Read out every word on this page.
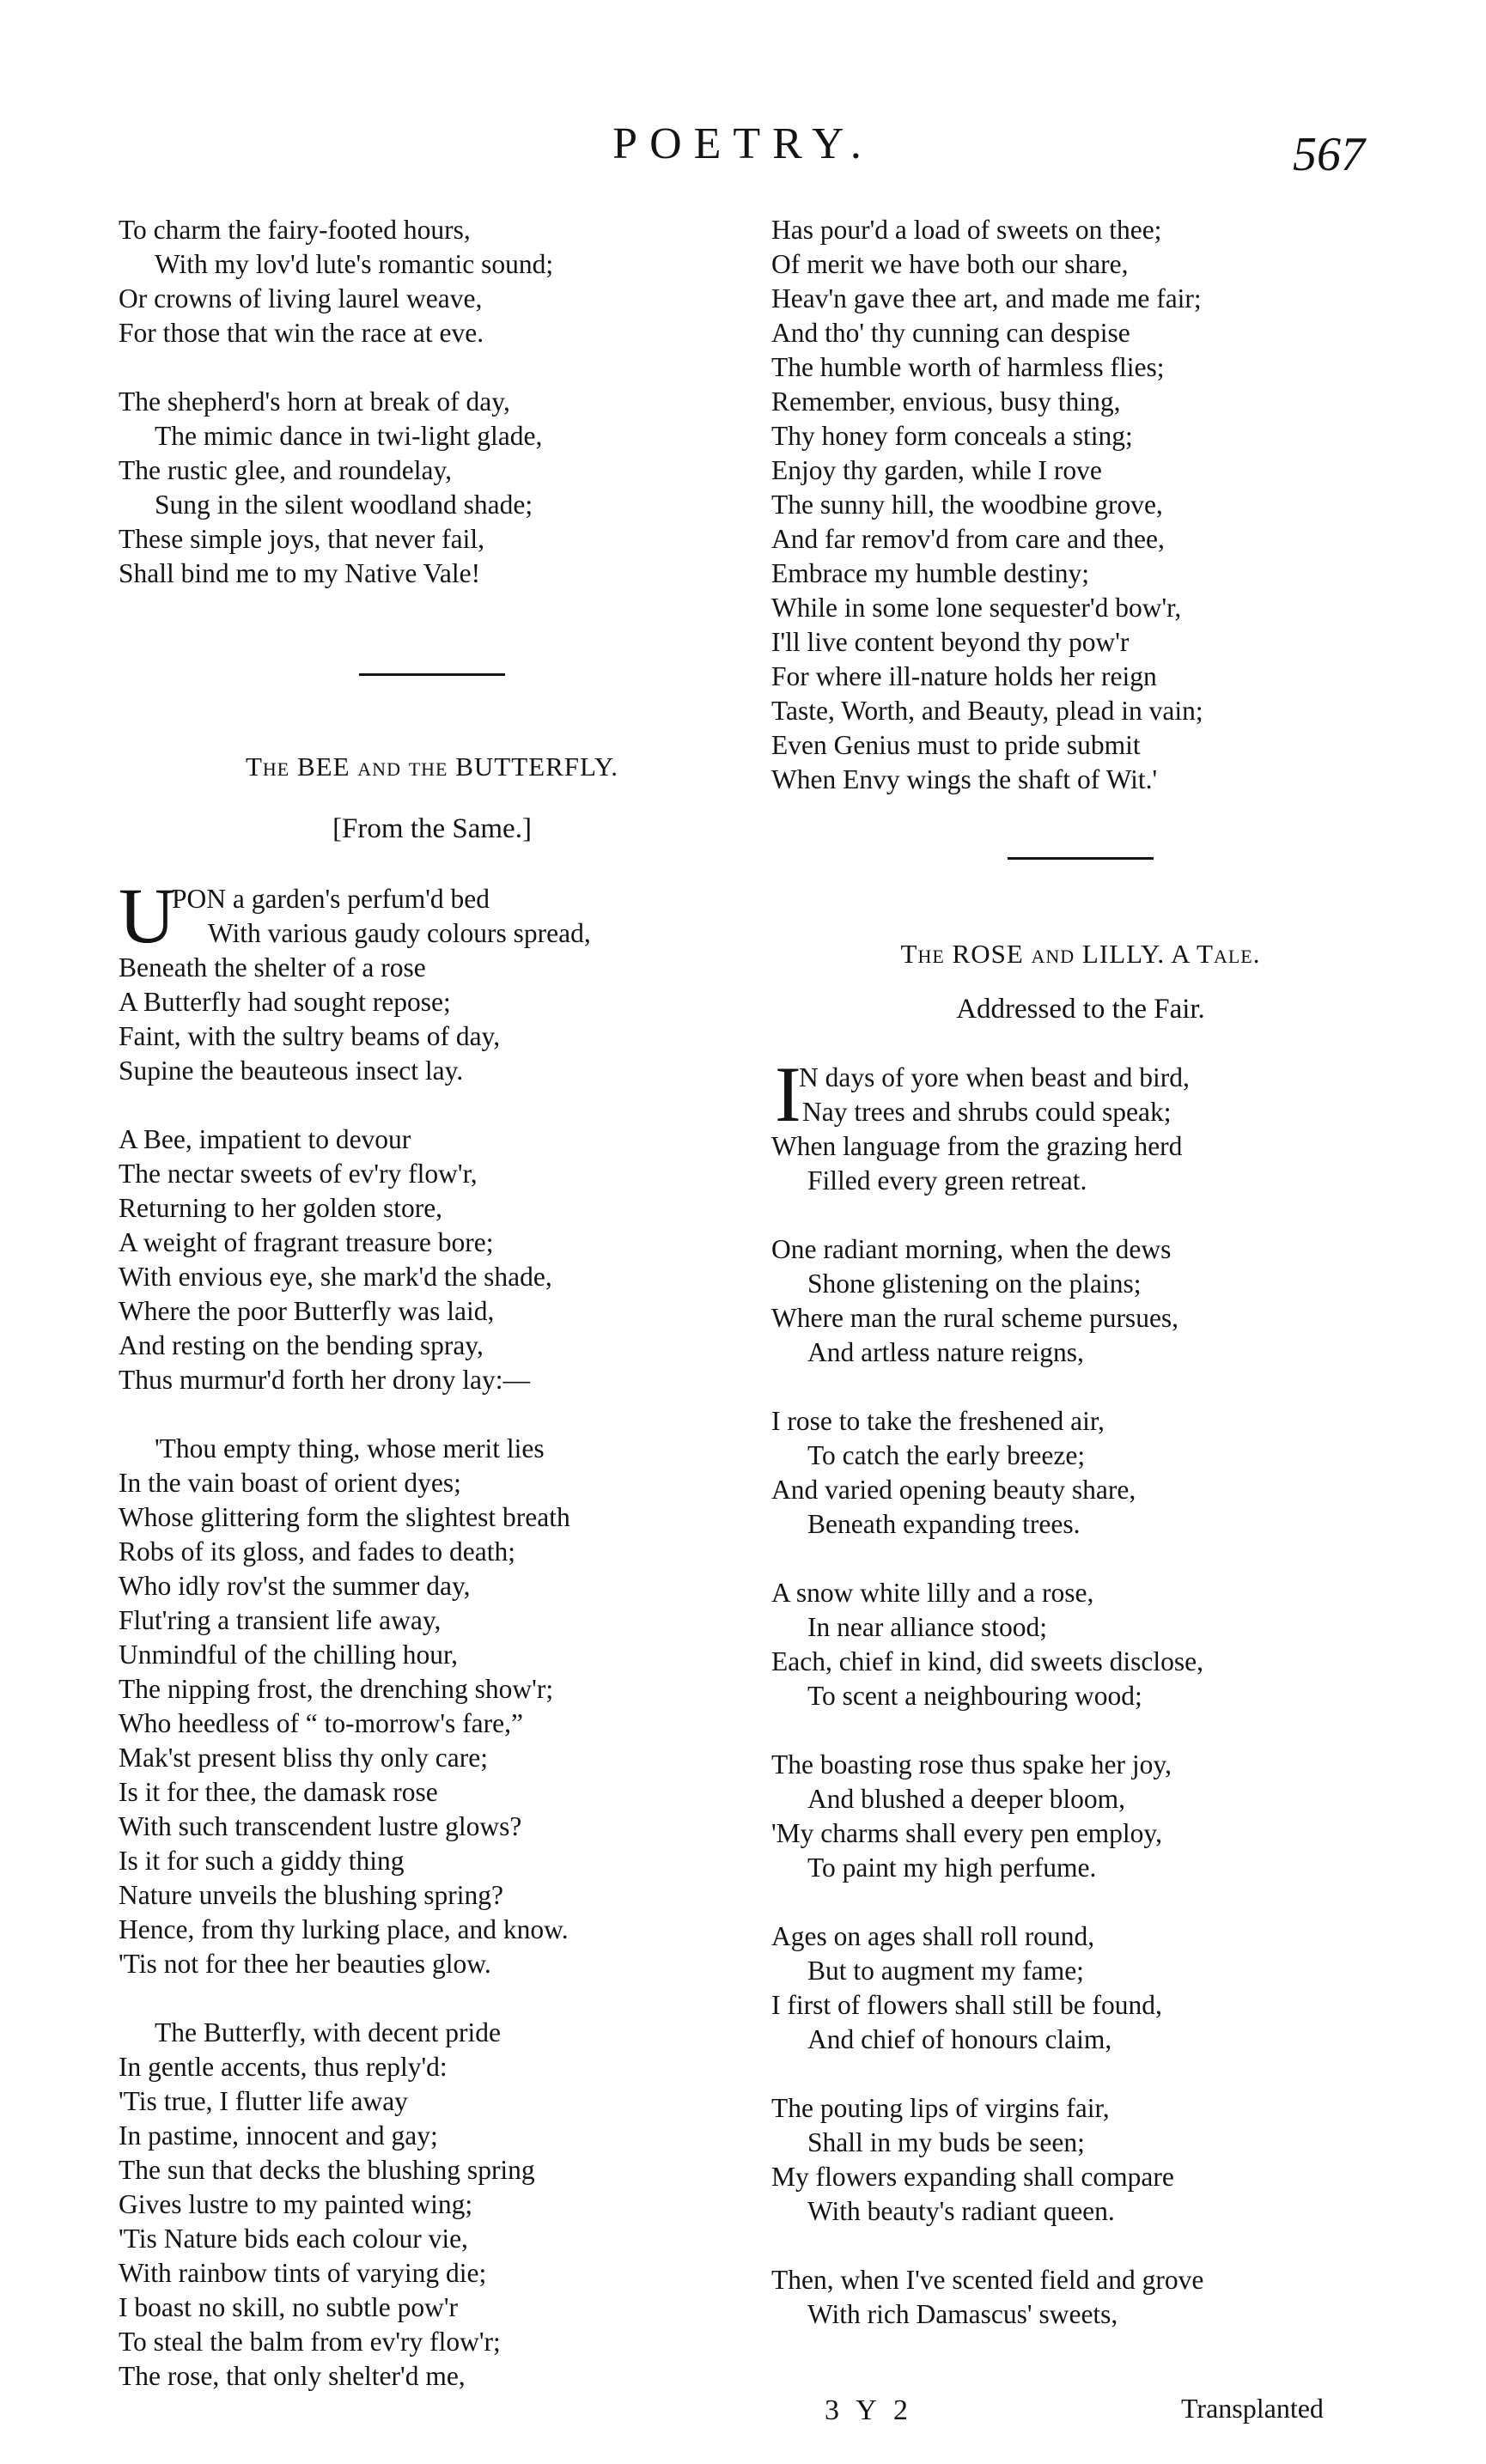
POETRY.	567
To charm the fairy-footed hours,
With my lov'd lute's romantic sound;
Or crowns of living laurel weave,
For those that win the race at eve.
The shepherd's horn at break of day,
The mimic dance in twi-light glade,
The rustic glee, and roundelay,
Sung in the silent woodland shade;
These simple joys, that never fail,
Shall bind me to my Native Vale!
The BEE and the BUTTERFLY.
[From the Same.]
U
PON a garden's perfum'd bed
With various gaudy colours spread,
Beneath the shelter of a rose
A Butterfly had sought repose;
Faint, with the sultry beams of day,
Supine the beauteous insect lay.
A Bee, impatient to devour
The nectar sweets of ev'ry flow'r,
Returning to her golden store,
A weight of fragrant treasure bore;
With envious eye, she mark'd the shade,
Where the poor Butterfly was laid,
And resting on the bending spray,
Thus murmur'd forth her drony lay:—
'Thou empty thing, whose merit lies
In the vain boast of orient dyes;
Whose glittering form the slightest breath
Robs of its gloss, and fades to death;
Who idly rov'st the summer day,
Flut'ring a transient life away,
Unmindful of the chilling hour,
The nipping frost, the drenching show'r;
Who heedless of “ to-morrow's fare,”
Mak'st present bliss thy only care;
Is it for thee, the damask rose
With such transcendent lustre glows?
Is it for such a giddy thing
Nature unveils the blushing spring?
Hence, from thy lurking place, and know.
'Tis not for thee her beauties glow.
The Butterfly, with decent pride
In gentle accents, thus reply'd:
'Tis true, I flutter life away
In pastime, innocent and gay;
The sun that decks the blushing spring
Gives lustre to my painted wing;
'Tis Nature bids each colour vie,
With rainbow tints of varying die;
I boast no skill, no subtle pow'r
To steal the balm from ev'ry flow'r;
The rose, that only shelter'd me,
Has pour'd a load of sweets on thee;
Of merit we have both our share,
Heav'n gave thee art, and made me fair;
And tho' thy cunning can despise
The humble worth of harmless flies;
Remember, envious, busy thing,
Thy honey form conceals a sting;
Enjoy thy garden, while I rove
The sunny hill, the woodbine grove,
And far remov'd from care and thee,
Embrace my humble destiny;
While in some lone sequester'd bow'r,
I'll live content beyond thy pow'r
For where ill-nature holds her reign
Taste, Worth, and Beauty, plead in vain;
Even Genius must to pride submit
When Envy wings the shaft of Wit.'
The ROSE and LILLY. A Tale.
Addressed to the Fair.
I
N days of yore when beast and bird,
Nay trees and shrubs could speak;
When language from the grazing herd
Filled every green retreat.
One radiant morning, when the dews
Shone glistening on the plains;
Where man the rural scheme pursues,
And artless nature reigns,
I rose to take the freshened air,
To catch the early breeze;
And varied opening beauty share,
Beneath expanding trees.
A snow white lilly and a rose,
In near alliance stood;
Each, chief in kind, did sweets disclose,
To scent a neighbouring wood;
The boasting rose thus spake her joy,
And blushed a deeper bloom,
'My charms shall every pen employ,
To paint my high perfume.
Ages on ages shall roll round,
But to augment my fame;
I first of flowers shall still be found,
And chief of honours claim,
The pouting lips of virgins fair,
Shall in my buds be seen;
My flowers expanding shall compare
With beauty's radiant queen.
Then, when I've scented field and grove
With rich Damascus' sweets,
3 Y 2	Transplanted
